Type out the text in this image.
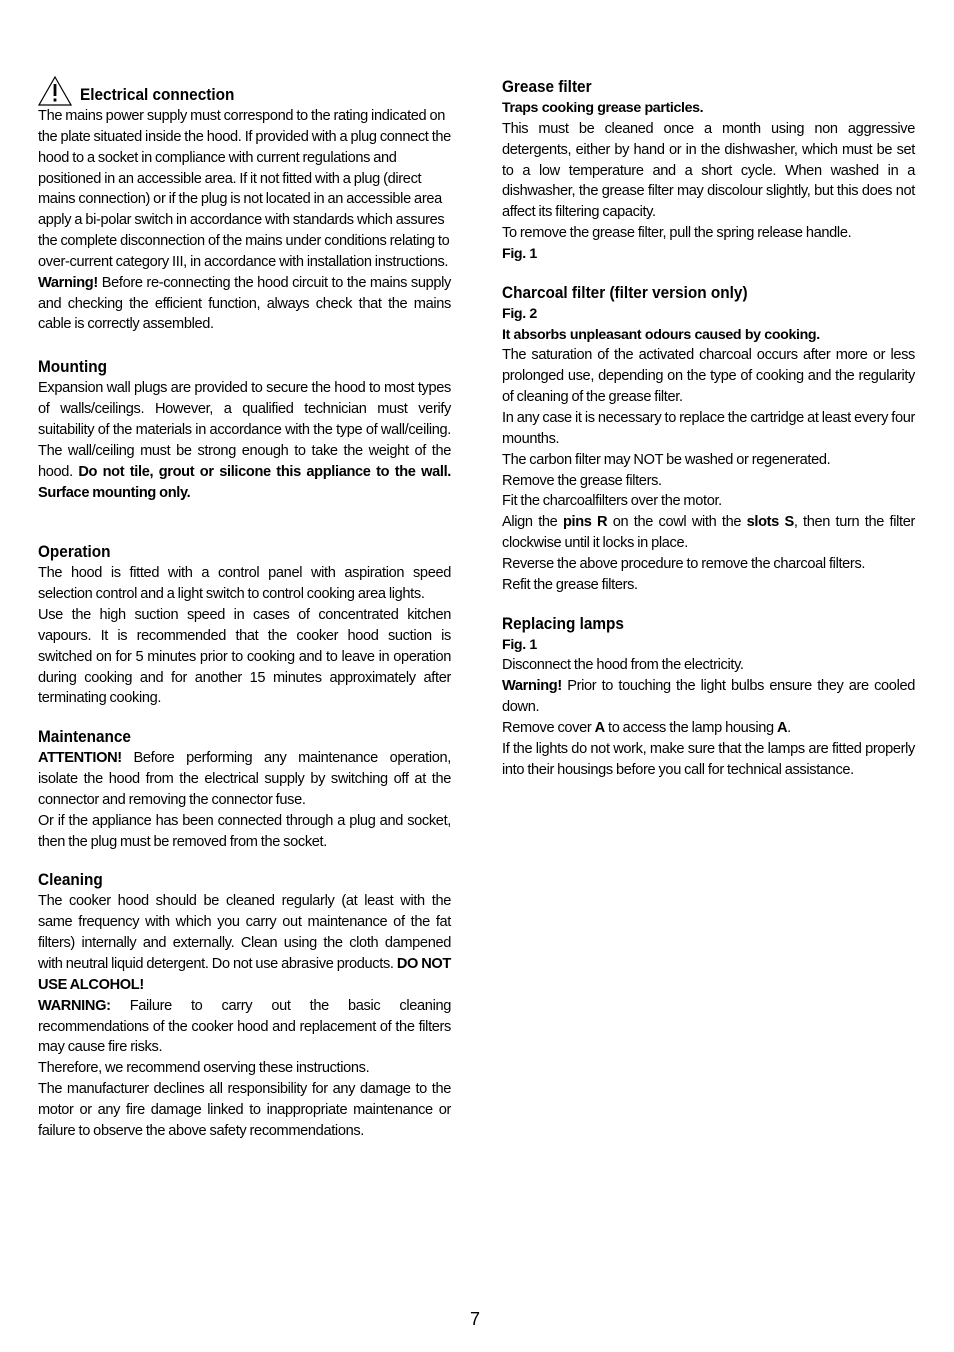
Electrical connection

The mains power supply must correspond to the rating indicated on the plate situated inside the hood. If provided with a plug connect the hood to a socket in compliance with current regulations and positioned in an accessible area. If it not fitted with a plug (direct mains connection) or if the plug is not located in an accessible area apply a bi-polar switch in accordance with standards which assures the complete disconnection of the mains under conditions relating to over-current category III, in accordance with installation instructions.

Warning! Before re-connecting the hood circuit to the mains supply and checking the efficient function, always check that the mains cable is correctly assembled.

Mounting

Expansion wall plugs are provided to secure the hood to most types of walls/ceilings. However, a qualified technician must verify suitability of the materials in accordance with the type of wall/ceiling. The wall/ceiling must be strong enough to take the weight of the hood. Do not tile, grout or silicone this appliance to the wall. Surface mounting only.

Operation

The hood is fitted with a control panel with aspiration speed selection control and a light switch to control cooking area lights.

Use the high suction speed in cases of concentrated kitchen vapours. It is recommended that the cooker hood suction is switched on for 5 minutes prior to cooking and to leave in operation during cooking and for another 15 minutes approximately after terminating cooking.

Maintenance

ATTENTION! Before performing any maintenance operation, isolate the hood from the electrical supply by switching off at the connector and removing the connector fuse.

Or if the appliance has been connected through a plug and socket, then the plug must be removed from the socket.

Cleaning

The cooker hood should be cleaned regularly (at least with the same frequency with which you carry out maintenance of the fat filters) internally and externally. Clean using the cloth dampened with neutral liquid detergent. Do not use abrasive products. DO NOT USE ALCOHOL!

WARNING: Failure to carry out the basic cleaning recommendations of the cooker hood and replacement of the filters may cause fire risks.

Therefore, we recommend oserving these instructions.

The manufacturer declines all responsibility for any damage to the motor or any fire damage linked to inappropriate maintenance or failure to observe the above safety recommendations.

Grease filter
Traps cooking grease particles.

This must be cleaned once a month using non aggressive detergents, either by hand or in the dishwasher, which must be set to a low temperature and a short cycle. When washed in a dishwasher, the grease filter may discolour slightly, but this does not affect its filtering capacity.

To remove the grease filter, pull the spring release handle.

Fig. 1
Charcoal filter (filter version only)
Fig. 2
It absorbs unpleasant odours caused by cooking.

The saturation of the activated charcoal occurs after more or less prolonged use, depending on the type of cooking and the regularity of cleaning of the grease filter.

In any case it is necessary to replace the cartridge at least every four mounths.

The carbon filter may NOT be washed or regenerated.

Remove the grease filters.

Fit the charcoalfilters over the motor.

Align the pins R on the cowl with the slots S, then turn the filter clockwise until it locks in place.

Reverse the above procedure to remove the charcoal filters.

Refit the grease filters.

Replacing lamps
Fig. 1

Disconnect the hood from the electricity.

Warning! Prior to touching the light bulbs ensure they are cooled down.

Remove cover A to access the lamp housing A.

If the lights do not work, make sure that the lamps are fitted properly into their housings before you call for technical assistance.

7
